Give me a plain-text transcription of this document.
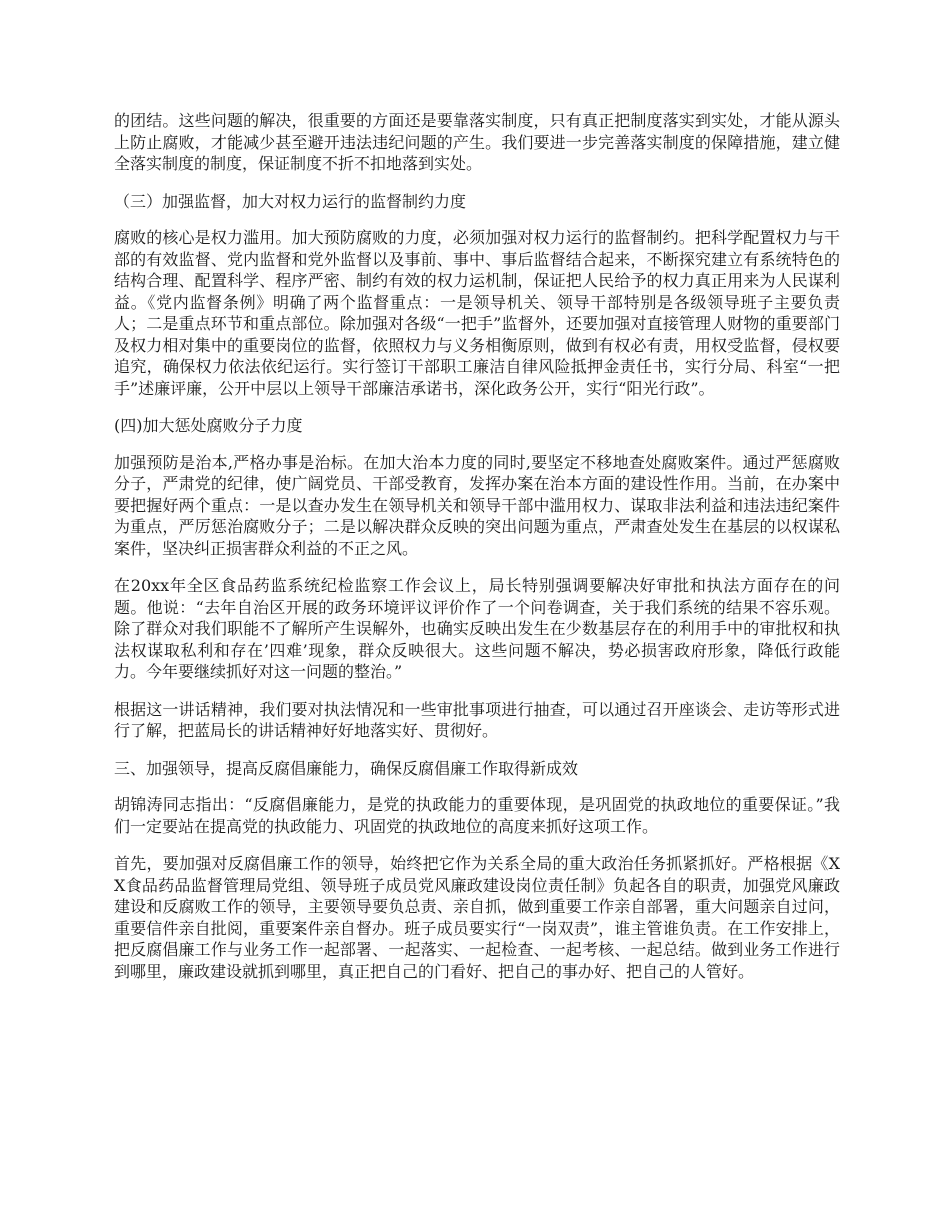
的团结。这些问题的解决，很重要的方面还是要靠落实制度，只有真正把制度落实到实处，才能从源头上防止腐败，才能减少甚至避开违法违纪问题的产生。我们要进一步完善落实制度的保障措施，建立健全落实制度的制度，保证制度不折不扣地落到实处。

（三）加强监督，加大对权力运行的监督制约力度

腐败的核心是权力滥用。加大预防腐败的力度，必须加强对权力运行的监督制约。把科学配置权力与干部的有效监督、党内监督和党外监督以及事前、事中、事后监督结合起来，不断探究建立有系统特色的结构合理、配置科学、程序严密、制约有效的权力运机制，保证把人民给予的权力真正用来为人民谋利益。《党内监督条例》明确了两个监督重点：一是领导机关、领导干部特别是各级领导班子主要负责人；二是重点环节和重点部位。除加强对各级“一把手”监督外，还要加强对直接管理人财物的重要部门及权力相对集中的重要岗位的监督，依照权力与义务相衡原则，做到有权必有责，用权受监督，侵权要追究，确保权力依法依纪运行。实行签订干部职工廉洁自律风险抵押金责任书，实行分局、科室“一把手”述廉评廉，公开中层以上领导干部廉洁承诺书，深化政务公开，实行“阳光行政”。

(四)加大惩处腐败分子力度

加强预防是治本,严格办事是治标。在加大治本力度的同时,要坚定不移地查处腐败案件。通过严惩腐败分子，严肃党的纪律，使广阔党员、干部受教育，发挥办案在治本方面的建设性作用。当前，在办案中要把握好两个重点：一是以查办发生在领导机关和领导干部中滥用权力、谋取非法利益和违法违纪案件为重点，严厉惩治腐败分子；二是以解决群众反映的突出问题为重点，严肃查处发生在基层的以权谋私案件，坚决纠正损害群众利益的不正之风。

在20xx年全区食品药监系统纪检监察工作会议上，局长特别强调要解决好审批和执法方面存在的问题。他说：“去年自治区开展的政务环境评议评价作了一个问卷调查，关于我们系统的结果不容乐观。除了群众对我们职能不了解所产生误解外，也确实反映出发生在少数基层存在的利用手中的审批权和执法权谋取私利和存在’四难’现象，群众反映很大。这些问题不解决，势必损害政府形象，降低行政能力。今年要继续抓好对这一问题的整治。”

根据这一讲话精神，我们要对执法情况和一些审批事项进行抽查，可以通过召开座谈会、走访等形式进行了解，把蓝局长的讲话精神好好地落实好、贯彻好。

三、加强领导，提高反腐倡廉能力，确保反腐倡廉工作取得新成效

胡锦涛同志指出：“反腐倡廉能力，是党的执政能力的重要体现，是巩固党的执政地位的重要保证。”我们一定要站在提高党的执政能力、巩固党的执政地位的高度来抓好这项工作。

首先，要加强对反腐倡廉工作的领导，始终把它作为关系全局的重大政治任务抓紧抓好。严格根据《XX食品药品监督管理局党组、领导班子成员党风廉政建设岗位责任制》负起各自的职责，加强党风廉政建设和反腐败工作的领导，主要领导要负总责、亲自抓，做到重要工作亲自部署，重大问题亲自过问，重要信件亲自批阅，重要案件亲自督办。班子成员要实行“一岗双责”，谁主管谁负责。在工作安排上，把反腐倡廉工作与业务工作一起部署、一起落实、一起检查、一起考核、一起总结。做到业务工作进行到哪里，廉政建设就抓到哪里，真正把自己的门看好、把自己的事办好、把自己的人管好。
